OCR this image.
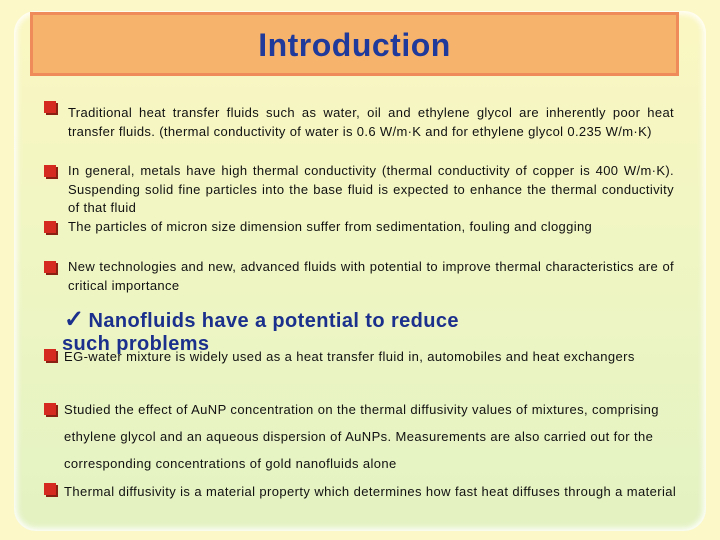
Introduction
Traditional heat transfer fluids such as water, oil and ethylene glycol are inherently poor heat transfer fluids. (thermal conductivity of water is 0.6 W/m·K and for ethylene glycol 0.235 W/m·K)
In general, metals have high thermal conductivity (thermal conductivity of copper is 400 W/m·K). Suspending solid fine particles into the base fluid is expected to enhance the thermal conductivity of that fluid
The particles of micron size dimension suffer from sedimentation, fouling and clogging
New technologies and new, advanced fluids with potential to improve thermal characteristics are of critical importance
✓ Nanofluids have a potential to reduce
such problems
EG-water mixture is widely used as a heat transfer fluid in, automobiles and heat exchangers
Studied the effect of AuNP concentration on the thermal diffusivity values of mixtures, comprising ethylene glycol and an aqueous dispersion of AuNPs. Measurements are also carried out for the corresponding concentrations of gold nanofluids alone
Thermal diffusivity is a material property which determines how fast heat diffuses through a material
